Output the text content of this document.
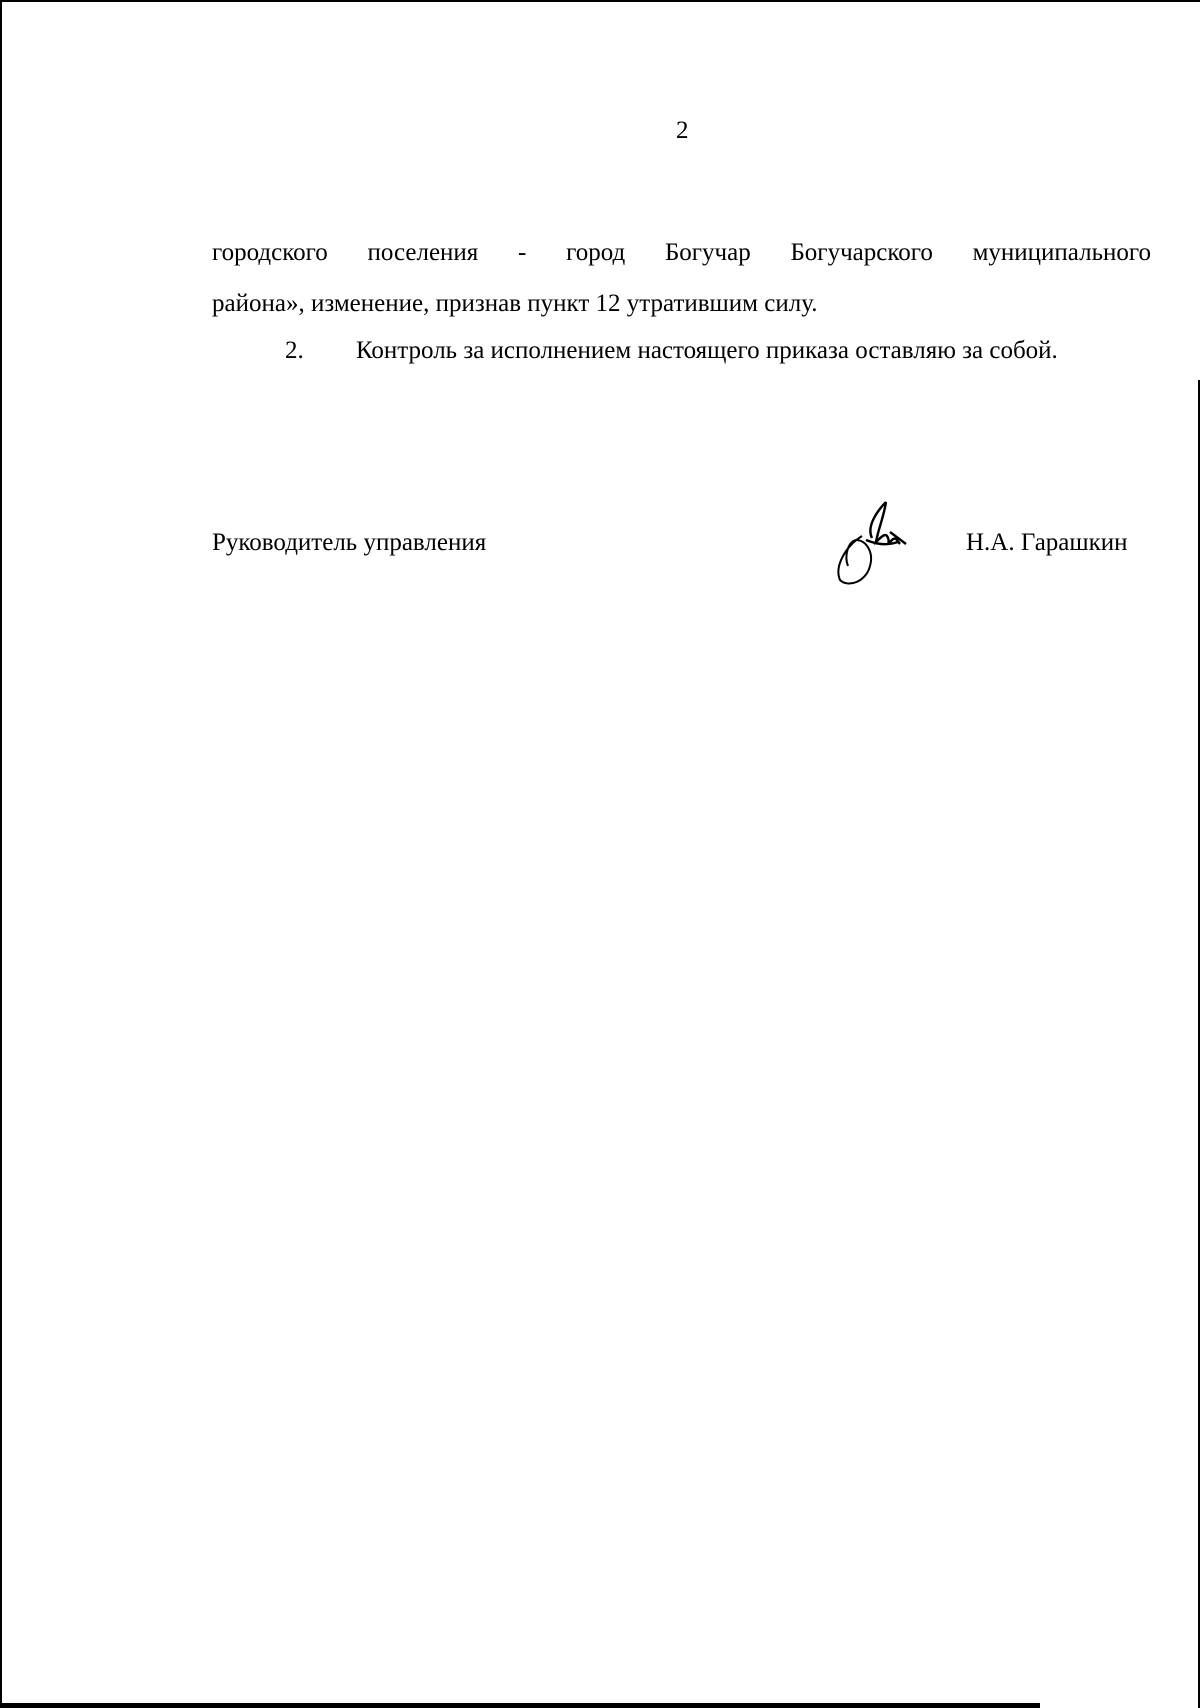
2
городского поселения - город Богучар Богучарского муниципального
района», изменение, признав пункт 12 утратившим силу.
2. Контроль за исполнением настоящего приказа оставляю за собой.
Руководитель управления	Н.А. Гарашкин
